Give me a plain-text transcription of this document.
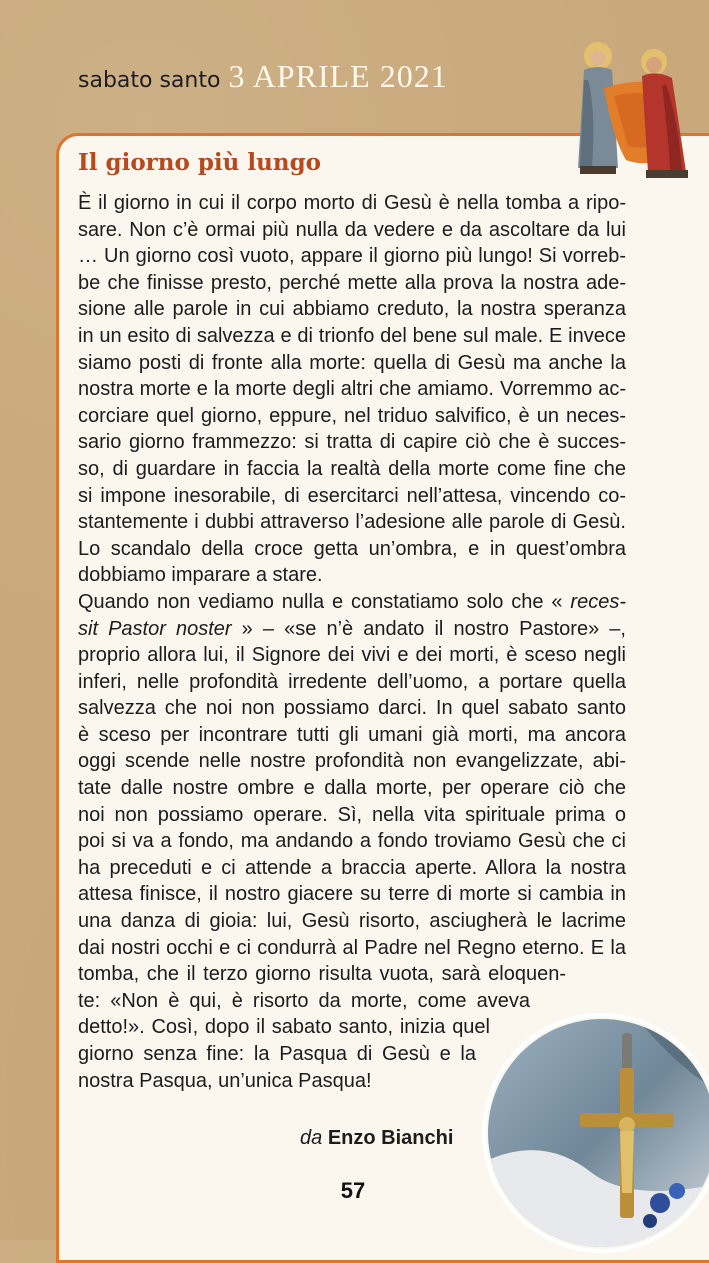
sabato santo 3 APRILE 2021
Il giorno più lungo

È il giorno in cui il corpo morto di Gesù è nella tomba a ripo-
sare. Non c’è ormai più nulla da vedere e da ascoltare da lui
… Un giorno così vuoto, appare il giorno più lungo! Si vorreb-
be che finisse presto, perché mette alla prova la nostra ade-
sione alle parole in cui abbiamo creduto, la nostra speranza
in un esito di salvezza e di trionfo del bene sul male. E invece
siamo posti di fronte alla morte: quella di Gesù ma anche la
nostra morte e la morte degli altri che amiamo. Vorremmo ac-
corciare quel giorno, eppure, nel triduo salvifico, è un neces-
sario giorno frammezzo: si tratta di capire ciò che è succes-
so, di guardare in faccia la realtà della morte come fine che
si impone inesorabile, di esercitarci nell’attesa, vincendo co-
stantemente i dubbi attraverso l’adesione alle parole di Gesù.
Lo scandalo della croce getta un’ombra, e in quest’ombra
dobbiamo imparare a stare.

Quando non vediamo nulla e constatiamo solo che « reces-
sit Pastor noster » – «se n’è andato il nostro Pastore» –,
proprio allora lui, il Signore dei vivi e dei morti, è sceso negli
inferi, nelle profondità irredente dell’uomo, a portare quella
salvezza che noi non possiamo darci. In quel sabato santo
è sceso per incontrare tutti gli umani già morti, ma ancora
oggi scende nelle nostre profondità non evangelizzate, abi-
tate dalle nostre ombre e dalla morte, per operare ciò che
noi non possiamo operare. Sì, nella vita spirituale prima o
poi si va a fondo, ma andando a fondo troviamo Gesù che ci
ha preceduti e ci attende a braccia aperte. Allora la nostra
attesa finisce, il nostro giacere su terre di morte si cambia in
una danza di gioia: lui, Gesù risorto, asciugherà le lacrime
dai nostri occhi e ci condurrà al Padre nel Regno eterno. E la
tomba, che il terzo giorno risulta vuota, sarà eloquen-
te: «Non è qui, è risorto da morte, come aveva
detto!». Così, dopo il sabato santo, inizia quel
giorno senza fine: la Pasqua di Gesù e la
nostra Pasqua, un’unica Pasqua!

da Enzo Bianchi
57
